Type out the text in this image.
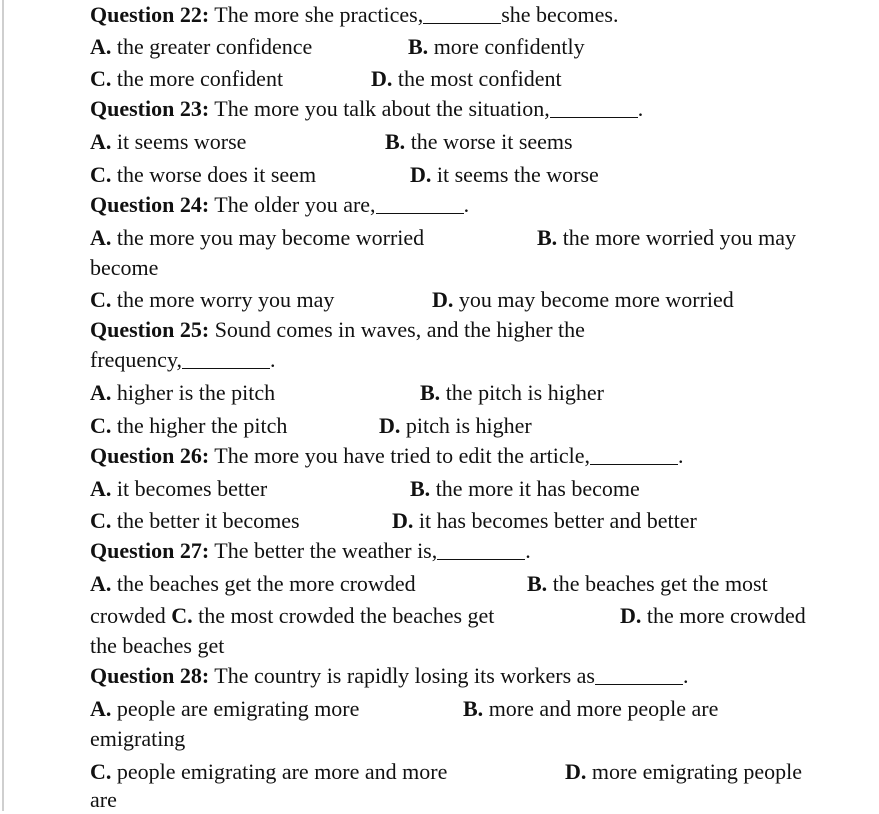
Question 22: The more she practices,	she becomes.
A. the greater confidence	B. more confidently
C. the more confident	D. the most confident
Question 23: The more you talk about the situation,	.
A. it seems worse	B. the worse it seems
C. the worse does it seem	D. it seems the worse
Question 24: The older you are,	.
A. the more you may become worried	B. the more worried you may
become
C. the more worry you may	D. you may become more worried
Question 25: Sound comes in waves, and the higher the
frequency,	.
A. higher is the pitch	B. the pitch is higher
C. the higher the pitch	D. pitch is higher
Question 26: The more you have tried to edit the article,	.
A. it becomes better	B. the more it has become
C. the better it becomes	D. it has becomes better and better
Question 27: The better the weather is,	.
A. the beaches get the more crowded	B. the beaches get the most
crowded C. the most crowded the beaches get	D. the more crowded
the beaches get
Question 28: The country is rapidly losing its workers as	.
A. people are emigrating more	B. more and more people are
emigrating
C. people emigrating are more and more	D. more emigrating people
are
